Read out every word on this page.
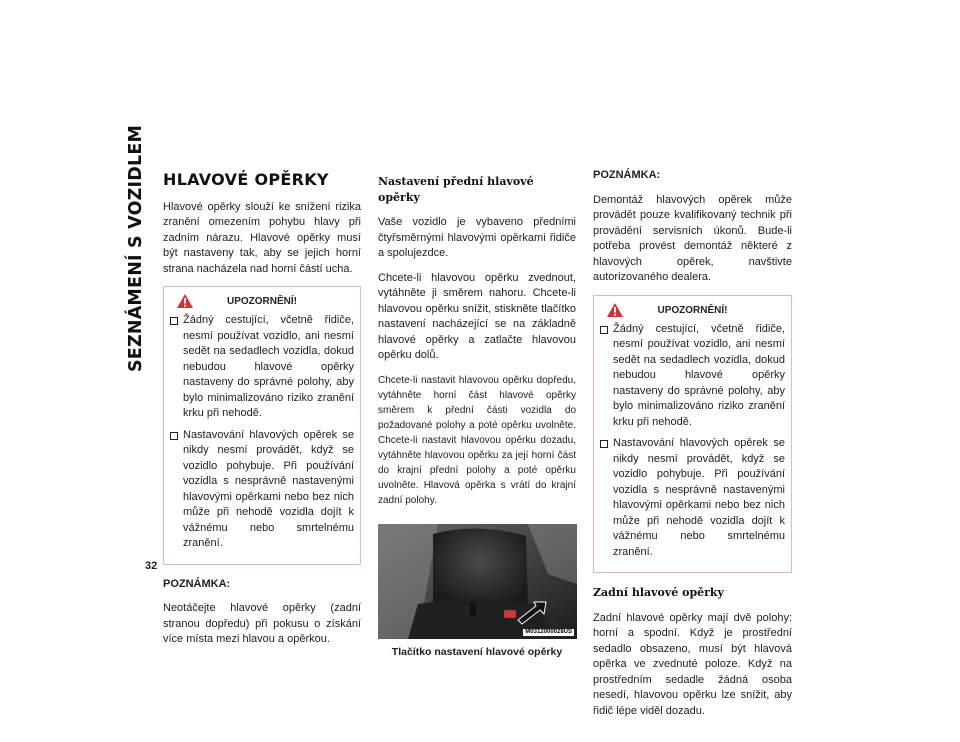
SEZNÁMENÍ S VOZIDLEM
32
HLAVOVÉ OPĚRKY

Hlavové opěrky slouží ke snížení rizika zranění omezením pohybu hlavy při zadním nárazu. Hlavové opěrky musí být nastaveny tak, aby se jejich horní strana nacházela nad horní částí ucha.

UPOZORNĚNÍ!
Žádný cestující, včetně řidiče, nesmí používat vozidlo, ani nesmí sedět na sedadlech vozidla, dokud nebudou hlavové opěrky nastaveny do správné polohy, aby bylo minimalizováno riziko zranění krku při nehodě.
Nastavování hlavových opěrek se nikdy nesmí provádět, když se vozidlo pohybuje. Při používání vozidla s nesprávně nastavenými hlavovými opěrkami nebo bez nich může při nehodě vozidla dojít k vážnému nebo smrtelnému zranění.

POZNÁMKA:

Neotáčejte hlavové opěrky (zadní stranou dopředu) při pokusu o získání více místa mezi hlavou a opěrkou.

Nastavení přední hlavové opěrky

Vaše vozidlo je vybaveno předními čtyřsměrnými hlavovými opěrkami řidiče a spolujezdce.

Chcete-li hlavovou opěrku zvednout, vytáhněte ji směrem nahoru. Chcete-li hlavovou opěrku snížit, stiskněte tlačítko nastavení nacházející se na základně hlavové opěrky a zatlačte hlavovou opěrku dolů.

Chcete-li nastavit hlavovou opěrku dopředu, vytáhněte horní část hlavové opěrky směrem k přední části vozidla do požadované polohy a poté opěrku uvolněte. Chcete-li nastavit hlavovou opěrku dozadu, vytáhněte hlavovou opěrku za její horní část do krajní přední polohy a poté opěrku uvolněte. Hlavová opěrka s vrátí do krajní zadní polohy.

M0312000028US
Tlačítko nastavení hlavové opěrky

POZNÁMKA:

Demontáž hlavových opěrek může provádět pouze kvalifikovaný technik při provádění servisních úkonů. Bude-li potřeba provést demontáž některé z hlavových opěrek, navštivte autorizovaného dealera.

UPOZORNĚNÍ!
Žádný cestující, včetně řidiče, nesmí používat vozidlo, ani nesmí sedět na sedadlech vozidla, dokud nebudou hlavové opěrky nastaveny do správné polohy, aby bylo minimalizováno riziko zranění krku při nehodě.
Nastavování hlavových opěrek se nikdy nesmí provádět, když se vozidlo pohybuje. Při používání vozidla s nesprávně nastavenými hlavovými opěrkami nebo bez nich může při nehodě vozidla dojít k vážnému nebo smrtelnému zranění.
Zadní hlavové opěrky

Zadní hlavové opěrky mají dvě polohy: horní a spodní. Když je prostřední sedadlo obsazeno, musí být hlavová opěrka ve zvednuté poloze. Když na prostředním sedadle žádná osoba nesedí, hlavovou opěrku lze snížit, aby řidič lépe viděl dozadu.
